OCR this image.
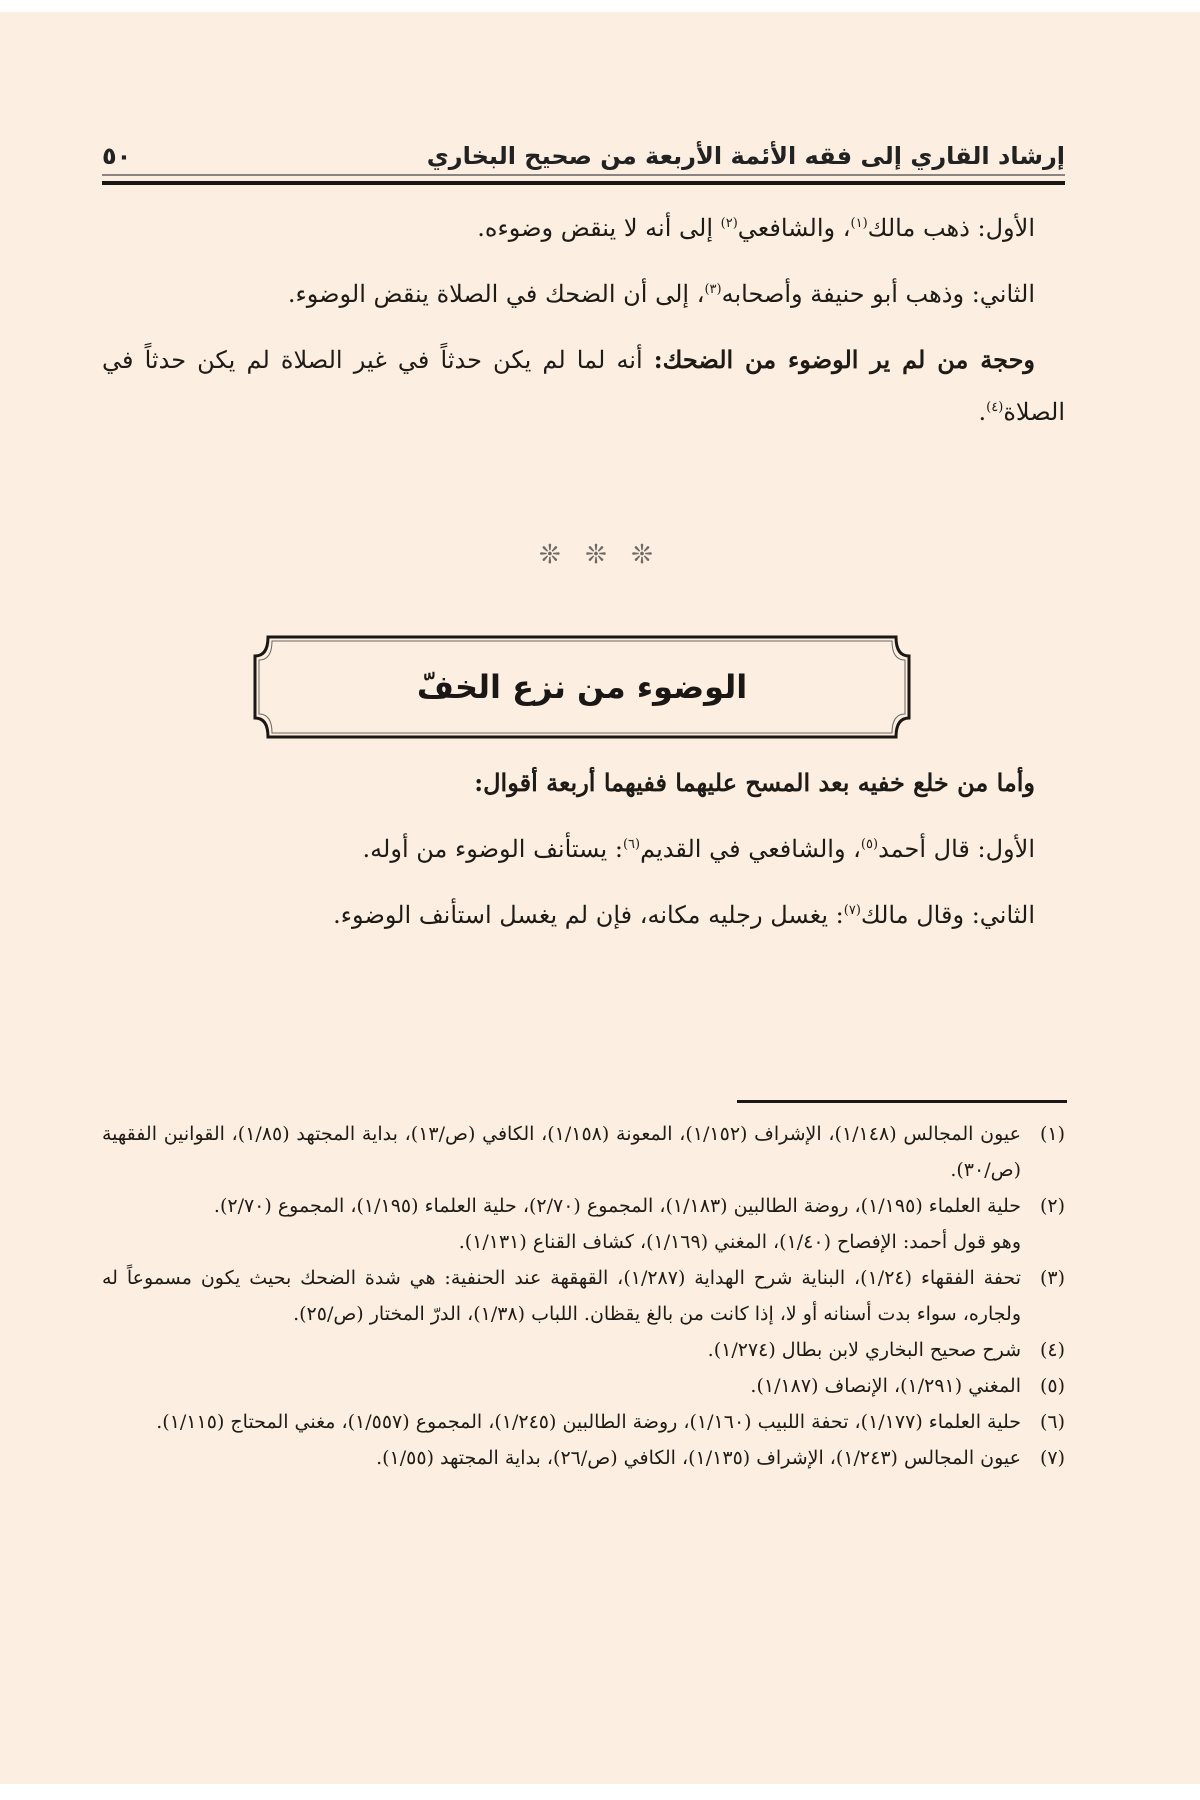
إرشاد القاري إلى فقه الأئمة الأربعة من صحيح البخاري
٥٠

الأول: ذهب مالك$^{(١)}$، والشافعي$^{(٢)}$ إلى أنه لا ينقض وضوءه.

الثاني: وذهب أبو حنيفة وأصحابه$^{(٣)}$، إلى أن الضحك في الصلاة ينقض الوضوء.

وحجة من لم ير الوضوء من الضحك: أنه لما لم يكن حدثاً في غير الصلاة لم يكن حدثاً في الصلاة$^{(٤)}$.

❊ ❊ ❊
الوضوء من نزع الخفّ

وأما من خلع خفيه بعد المسح عليهما ففيهما أربعة أقوال:

الأول: قال أحمد$^{(٥)}$، والشافعي في القديم$^{(٦)}$: يستأنف الوضوء من أوله.

الثاني: وقال مالك$^{(٧)}$: يغسل رجليه مكانه، فإن لم يغسل استأنف الوضوء.

(١)
عيون المجالس (١/١٤٨)، الإشراف (١/١٥٢)، المعونة (١/١٥٨)، الكافي (ص/١٣)، بداية المجتهد (١/٨٥)، القوانين الفقهية (ص/٣٠).
(٢)
حلية العلماء (١/١٩٥)، روضة الطالبين (١/١٨٣)، المجموع (٢/٧٠)، حلية العلماء (١/١٩٥)، المجموع (٢/٧٠).
وهو قول أحمد: الإفصاح (١/٤٠)، المغني (١/١٦٩)، كشاف القناع (١/١٣١).
(٣)
تحفة الفقهاء (١/٢٤)، البناية شرح الهداية (١/٢٨٧)، القهقهة عند الحنفية: هي شدة الضحك بحيث يكون مسموعاً له ولجاره، سواء بدت أسنانه أو لا، إذا كانت من بالغ يقظان. اللباب (١/٣٨)، الدرّ المختار (ص/٢٥).
(٤)
شرح صحيح البخاري لابن بطال (١/٢٧٤).
(٥)
المغني (١/٢٩١)، الإنصاف (١/١٨٧).
(٦)
حلية العلماء (١/١٧٧)، تحفة اللبيب (١/١٦٠)، روضة الطالبين (١/٢٤٥)، المجموع (١/٥٥٧)، مغني المحتاج (١/١١٥).
(٧)
عيون المجالس (١/٢٤٣)، الإشراف (١/١٣٥)، الكافي (ص/٢٦)، بداية المجتهد (١/٥٥).
